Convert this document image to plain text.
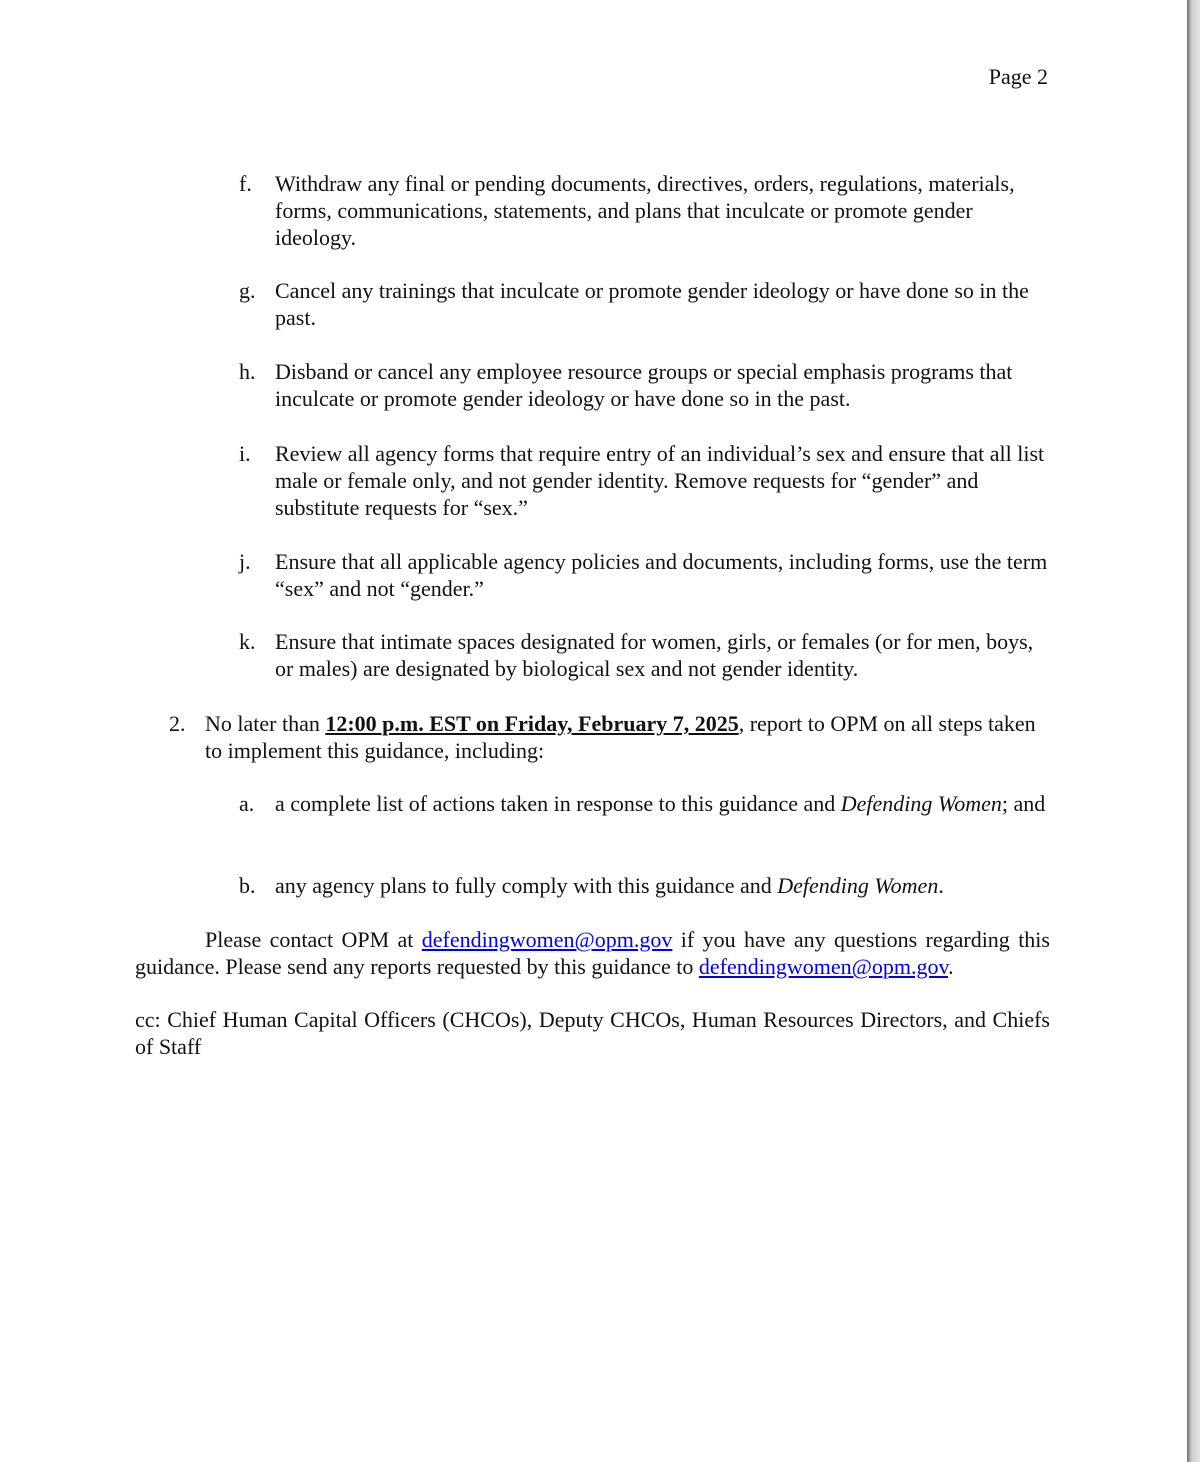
Page 2

f. Withdraw any final or pending documents, directives, orders, regulations, materials, forms, communications, statements, and plans that inculcate or promote gender ideology.
g. Cancel any trainings that inculcate or promote gender ideology or have done so in the past.
h. Disband or cancel any employee resource groups or special emphasis programs that inculcate or promote gender ideology or have done so in the past.
i. Review all agency forms that require entry of an individual’s sex and ensure that all list male or female only, and not gender identity. Remove requests for “gender” and substitute requests for “sex.”
j. Ensure that all applicable agency policies and documents, including forms, use the term “sex” and not “gender.”
k. Ensure that intimate spaces designated for women, girls, or females (or for men, boys, or males) are designated by biological sex and not gender identity.
2. No later than 12:00 p.m. EST on Friday, February 7, 2025, report to OPM on all steps taken to implement this guidance, including:
a. a complete list of actions taken in response to this guidance and Defending Women; and
b. any agency plans to fully comply with this guidance and Defending Women.

Please contact OPM at defendingwomen@opm.gov if you have any questions regarding this guidance. Please send any reports requested by this guidance to defendingwomen@opm.gov.

cc: Chief Human Capital Officers (CHCOs), Deputy CHCOs, Human Resources Directors, and Chiefs of Staff
